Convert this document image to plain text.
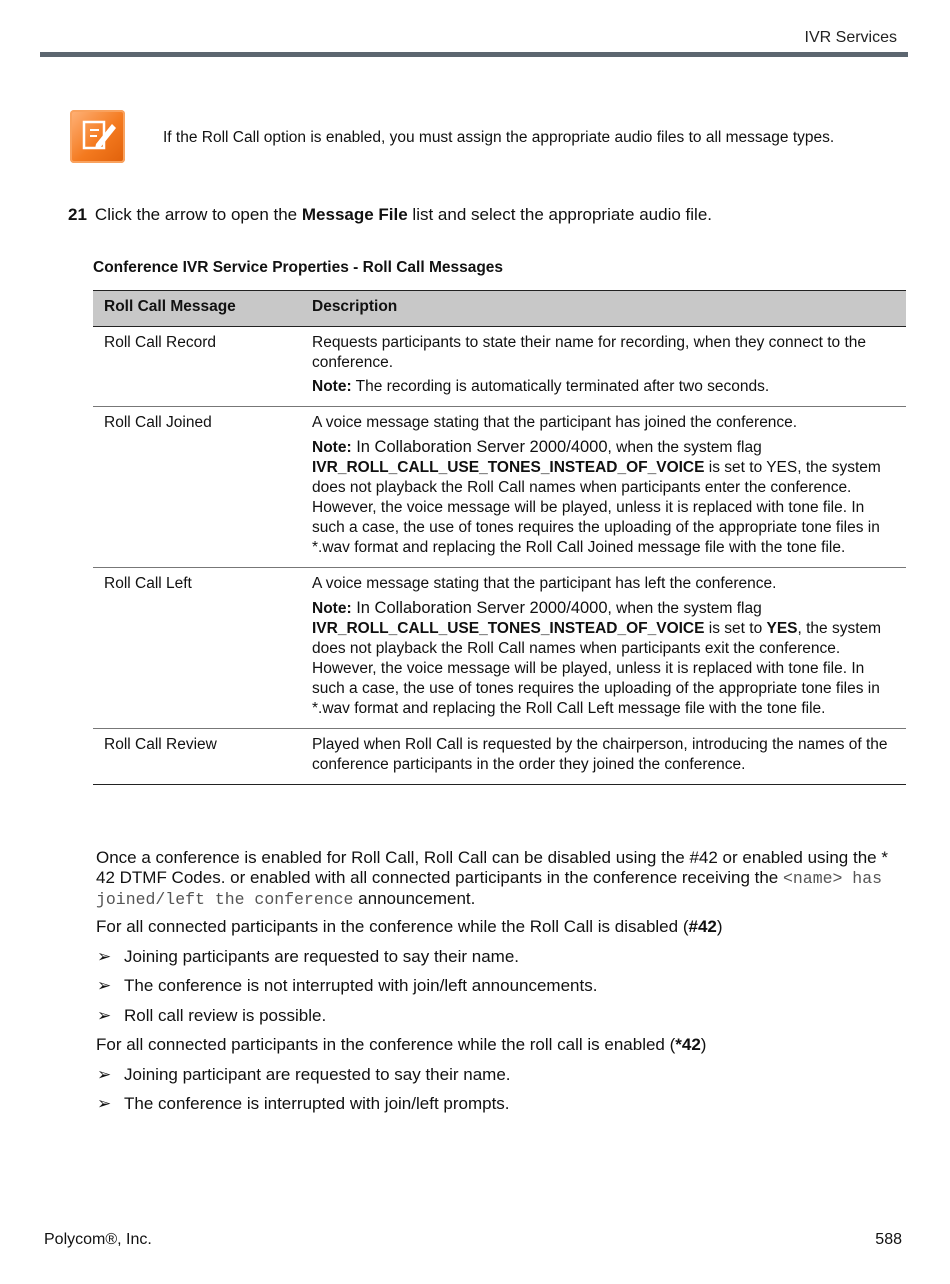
IVR Services
If the Roll Call option is enabled, you must assign the appropriate audio files to all message types.
21 Click the arrow to open the Message File list and select the appropriate audio file.
Conference IVR Service Properties - Roll Call Messages
Roll Call Message	Description
Roll Call Record	Requests participants to state their name for recording, when they connect to the conference.

Note: The recording is automatically terminated after two seconds.

Roll Call Joined	A voice message stating that the participant has joined the conference.

Note: In Collaboration Server 2000/4000, when the system flag IVR_ROLL_CALL_USE_TONES_INSTEAD_OF_VOICE is set to YES, the system does not playback the Roll Call names when participants enter the conference. However, the voice message will be played, unless it is replaced with tone file. In such a case, the use of tones requires the uploading of the appropriate tone files in *.wav format and replacing the Roll Call Joined message file with the tone file.

Roll Call Left	A voice message stating that the participant has left the conference.

Note: In Collaboration Server 2000/4000, when the system flag IVR_ROLL_CALL_USE_TONES_INSTEAD_OF_VOICE is set to YES, the system does not playback the Roll Call names when participants exit the conference. However, the voice message will be played, unless it is replaced with tone file. In such a case, the use of tones requires the uploading of the appropriate tone files in *.wav format and replacing the Roll Call Left message file with the tone file.

Roll Call Review	Played when Roll Call is requested by the chairperson, introducing the names of the conference participants in the order they joined the conference.

Once a conference is enabled for Roll Call, Roll Call can be disabled using the #42 or enabled using the * 42 DTMF Codes. or enabled with all connected participants in the conference receiving the <name> has joined/left the conference announcement.
For all connected participants in the conference while the Roll Call is disabled (#42)
➢ Joining participants are requested to say their name.
➢ The conference is not interrupted with join/left announcements.
➢ Roll call review is possible.
For all connected participants in the conference while the roll call is enabled (*42)
➢ Joining participant are requested to say their name.
➢ The conference is interrupted with join/left prompts.
Polycom®, Inc.	588
